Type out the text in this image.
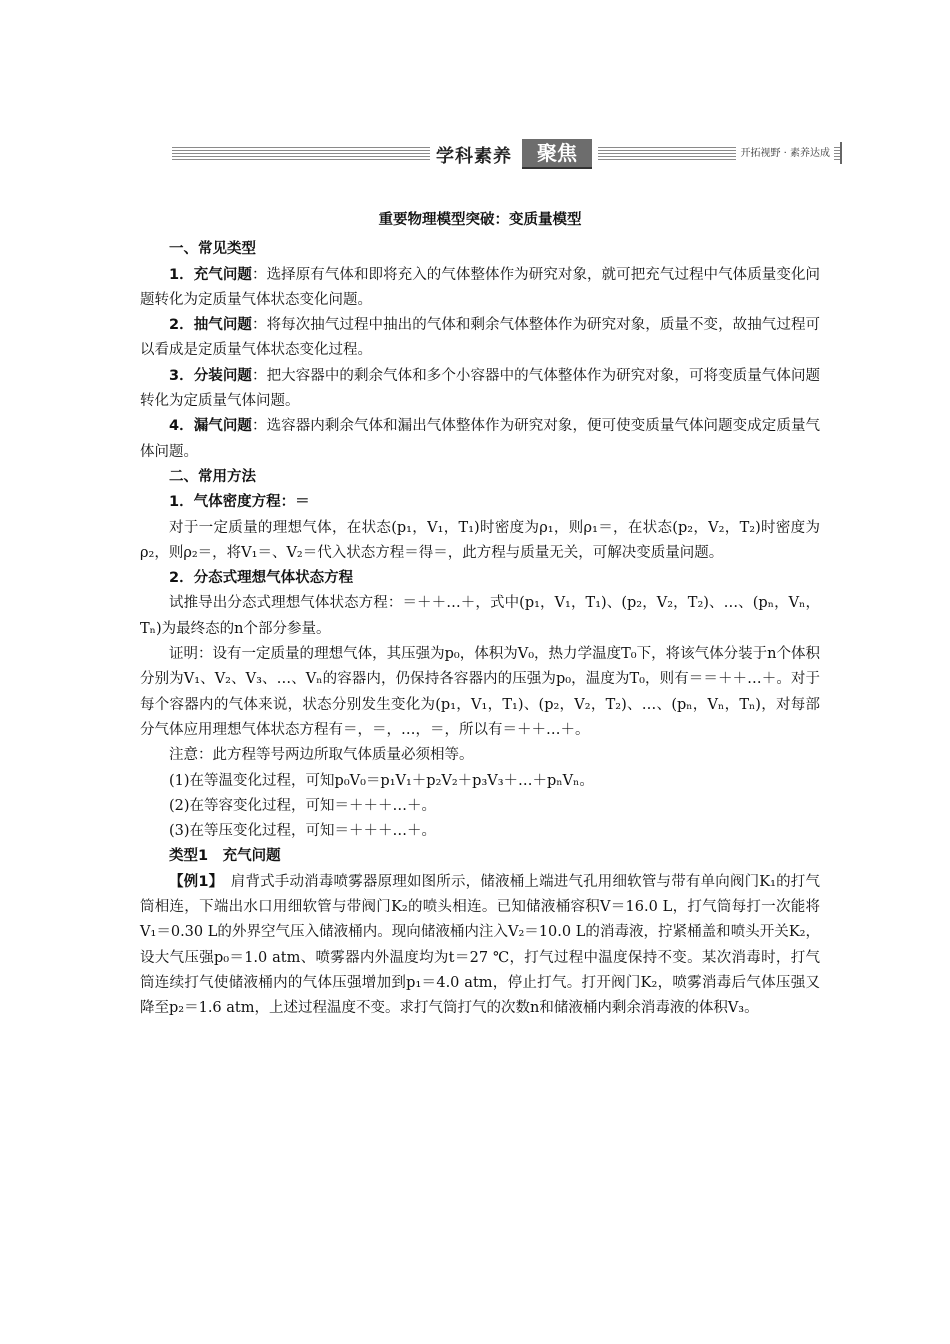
学科素养	聚焦	开拓视野 · 素养达成

重要物理模型突破：变质量模型

一、常见类型

1．充气问题：选择原有气体和即将充入的气体整体作为研究对象，就可把充气过程中气体质量变化问题转化为定质量气体状态变化问题。

2．抽气问题：将每次抽气过程中抽出的气体和剩余气体整体作为研究对象，质量不变，故抽气过程可以看成是定质量气体状态变化过程。

3．分装问题：把大容器中的剩余气体和多个小容器中的气体整体作为研究对象，可将变质量气体问题转化为定质量气体问题。

4．漏气问题：选容器内剩余气体和漏出气体整体作为研究对象，便可使变质量气体问题变成定质量气体问题。

二、常用方法

1．气体密度方程：＝

对于一定质量的理想气体，在状态(p₁，V₁，T₁)时密度为ρ₁，则ρ₁＝，在状态(p₂，V₂，T₂)时密度为ρ₂，则ρ₂＝，将V₁＝、V₂＝代入状态方程＝得＝，此方程与质量无关，可解决变质量问题。

2．分态式理想气体状态方程

试推导出分态式理想气体状态方程：＝＋＋…＋，式中(p₁，V₁，T₁)、(p₂，V₂，T₂)、…、(pₙ，Vₙ，Tₙ)为最终态的n个部分参量。

证明：设有一定质量的理想气体，其压强为p₀，体积为V₀，热力学温度T₀下，将该气体分装于n个体积分别为V₁、V₂、V₃、…、Vₙ的容器内，仍保持各容器内的压强为p₀，温度为T₀，则有＝＝＋＋…＋。对于每个容器内的气体来说，状态分别发生变化为(p₁，V₁，T₁)、(p₂，V₂，T₂)、…、(pₙ，Vₙ，Tₙ)，对每部分气体应用理想气体状态方程有＝，＝，…，＝，所以有＝＋＋…＋。

注意：此方程等号两边所取气体质量必须相等。

(1)在等温变化过程，可知p₀V₀＝p₁V₁＋p₂V₂＋p₃V₃＋…＋pₙVₙ。

(2)在等容变化过程，可知＝＋＋＋…＋。

(3)在等压变化过程，可知＝＋＋＋…＋。

类型1　充气问题

【例1】　肩背式手动消毒喷雾器原理如图所示，储液桶上端进气孔用细软管与带有单向阀门K₁的打气筒相连，下端出水口用细软管与带阀门K₂的喷头相连。已知储液桶容积V＝16.0 L，打气筒每打一次能将V₁＝0.30 L的外界空气压入储液桶内。现向储液桶内注入V₂＝10.0 L的消毒液，拧紧桶盖和喷头开关K₂，设大气压强p₀＝1.0 atm、喷雾器内外温度均为t＝27 ℃，打气过程中温度保持不变。某次消毒时，打气筒连续打气使储液桶内的气体压强增加到p₁＝4.0 atm，停止打气。打开阀门K₂，喷雾消毒后气体压强又降至p₂＝1.6 atm，上述过程温度不变。求打气筒打气的次数n和储液桶内剩余消毒液的体积V₃。
